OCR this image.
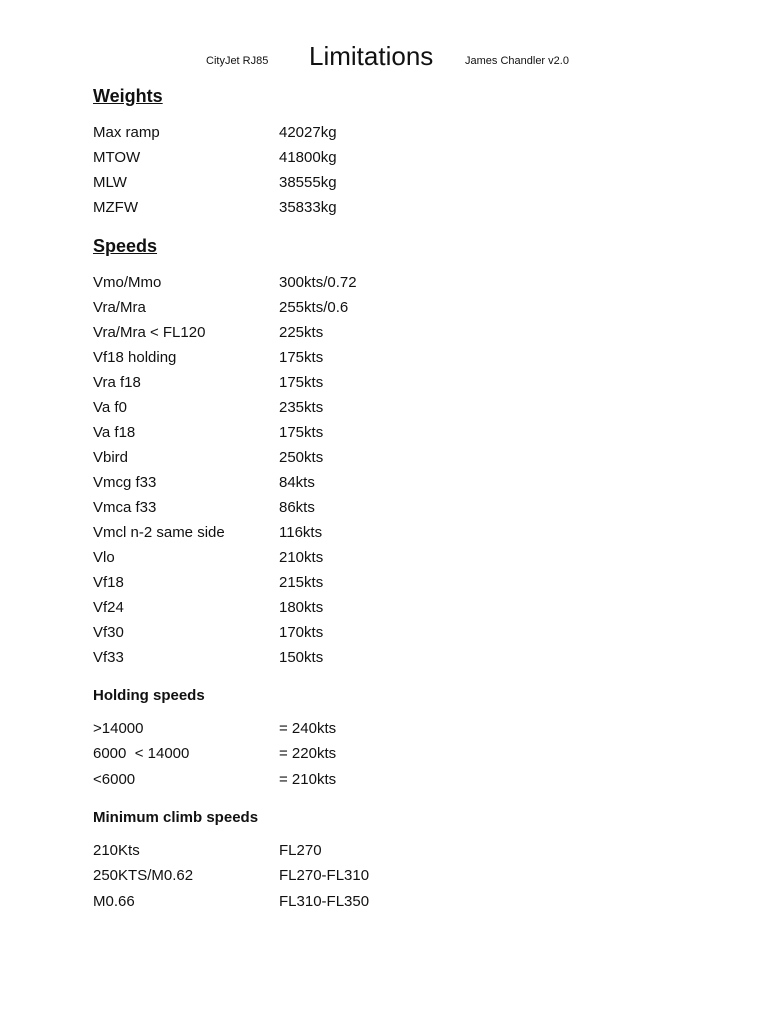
CityJet RJ85 Limitations	James Chandler v2.0
Weights
Max ramp	42027kg
MTOW	41800kg
MLW	38555kg
MZFW	35833kg
Speeds
Vmo/Mmo	300kts/0.72
Vra/Mra	255kts/0.6
Vra/Mra < FL120	225kts
Vf18 holding	175kts
Vra f18	175kts
Va f0	235kts
Va f18	175kts
Vbird	250kts
Vmcg f33	84kts
Vmca f33	86kts
Vmcl n-2 same side	116kts
Vlo	210kts
Vf18	215kts
Vf24	180kts
Vf30	170kts
Vf33	150kts
Holding speeds
>14000	= 240kts
6000  < 14000	= 220kts
<6000	= 210kts
Minimum climb speeds
210Kts	FL270
250KTS/M0.62	FL270-FL310
M0.66	FL310-FL350
